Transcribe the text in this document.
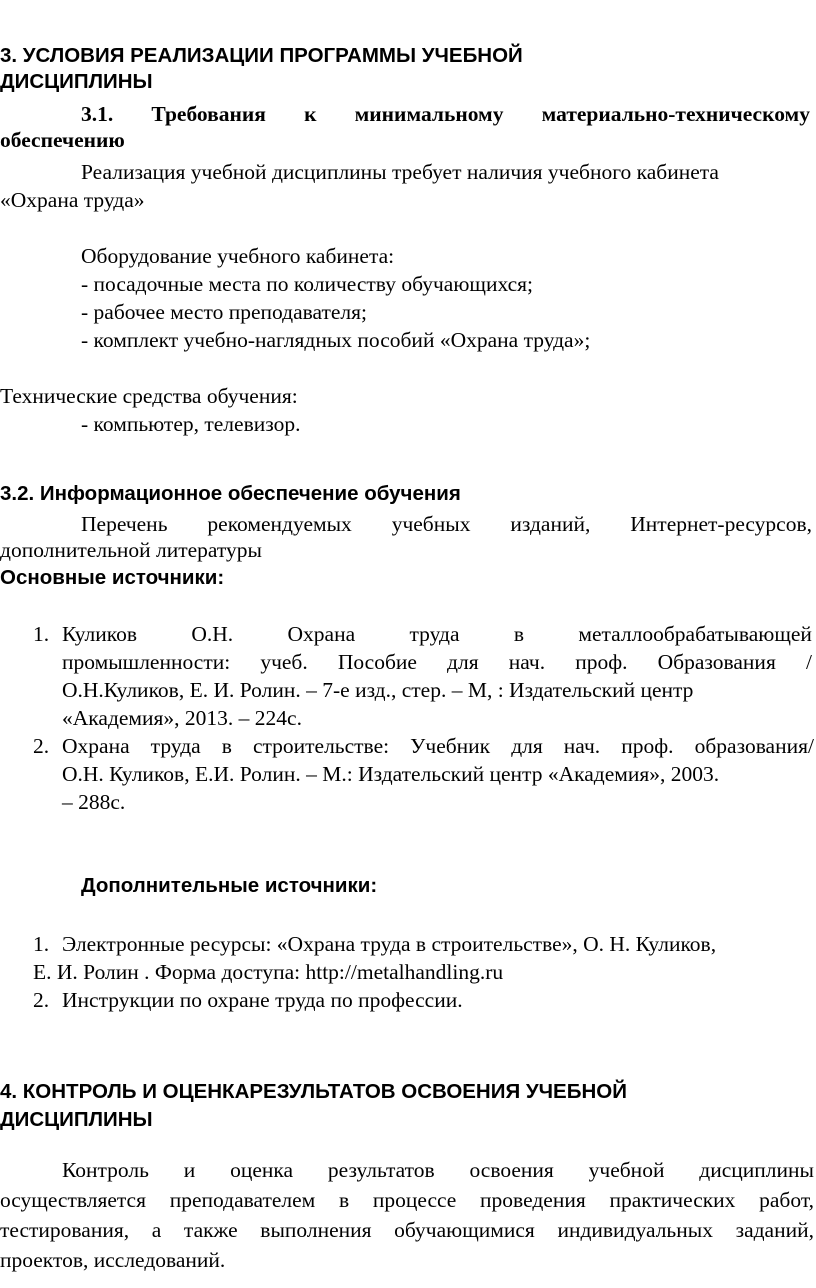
3. УСЛОВИЯ РЕАЛИЗАЦИИ ПРОГРАММЫ УЧЕБНОЙ
ДИСЦИПЛИНЫ
3.1. Требования к минимальному материально-техническому
обеспечению
Реализация учебной дисциплины требует наличия учебного кабинета
«Охрана труда»
Оборудование учебного кабинета:
- посадочные места по количеству обучающихся;
- рабочее место преподавателя;
- комплект учебно-наглядных пособий «Охрана труда»;
Технические средства обучения:
- компьютер, телевизор.
3.2. Информационное обеспечение обучения
Перечень рекомендуемых учебных изданий, Интернет-ресурсов,
дополнительной литературы
Основные источники:
1. Куликов	О.Н.	Охрана	труда	в	металлообрабатывающей
промышленности: учеб. Пособие для нач. проф. Образования /
О.Н.Куликов, Е. И. Ролин. – 7-е изд., стер. – М, : Издательский центр
«Академия», 2013. – 224с.
2. Охрана труда в строительстве: Учебник для нач. проф. образования/
О.Н. Куликов, Е.И. Ролин. – М.: Издательский центр «Академия», 2003.
– 288с.
Дополнительные источники:
1. Электронные ресурсы: «Охрана труда в строительстве», О. Н. Куликов,
Е. И. Ролин . Форма доступа: http://metalhandling.ru
2. Инструкции по охране труда по профессии.
4. КОНТРОЛЬ И ОЦЕНКАРЕЗУЛЬТАТОВ ОСВОЕНИЯ УЧЕБНОЙ
ДИСЦИПЛИНЫ
Контроль и оценка результатов освоения учебной дисциплины
осуществляется преподавателем в процессе проведения практических работ,
тестирования, а также выполнения обучающимися индивидуальных заданий,
проектов, исследований.
